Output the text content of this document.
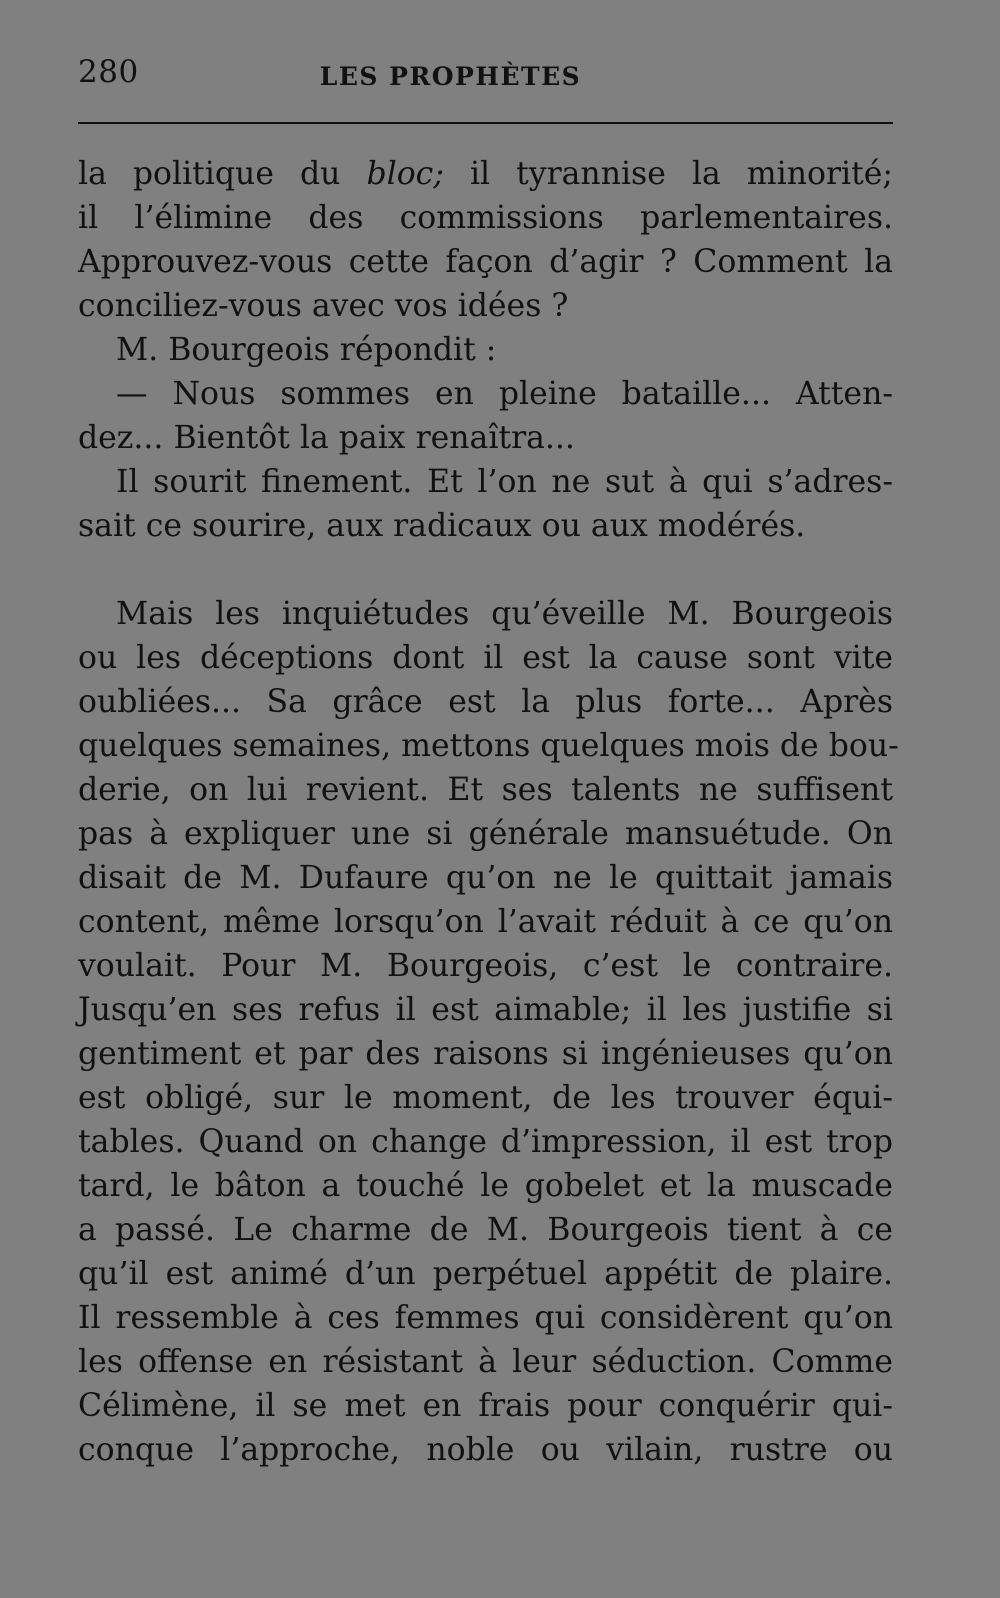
280	LES PROPHÈTES
la politique du bloc; il tyrannise la minorité;
il l’élimine des commissions parlementaires.
Approuvez-vous cette façon d’agir ? Comment la
conciliez-vous avec vos idées ?
M. Bourgeois répondit :
— Nous sommes en pleine bataille... Atten-
dez... Bientôt la paix renaîtra...
Il sourit finement. Et l’on ne sut à qui s’adres-
sait ce sourire, aux radicaux ou aux modérés.
Mais les inquiétudes qu’éveille M. Bourgeois
ou les déceptions dont il est la cause sont vite
oubliées... Sa grâce est la plus forte... Après
quelques semaines, mettons quelques mois de bou-
derie, on lui revient. Et ses talents ne suffisent
pas à expliquer une si générale mansuétude. On
disait de M. Dufaure qu’on ne le quittait jamais
content, même lorsqu’on l’avait réduit à ce qu’on
voulait. Pour M. Bourgeois, c’est le contraire.
Jusqu’en ses refus il est aimable; il les justifie si
gentiment et par des raisons si ingénieuses qu’on
est obligé, sur le moment, de les trouver équi-
tables. Quand on change d’impression, il est trop
tard, le bâton a touché le gobelet et la muscade
a passé. Le charme de M. Bourgeois tient à ce
qu’il est animé d’un perpétuel appétit de plaire.
Il ressemble à ces femmes qui considèrent qu’on
les offense en résistant à leur séduction. Comme
Célimène, il se met en frais pour conquérir qui-
conque l’approche, noble ou vilain, rustre ou
